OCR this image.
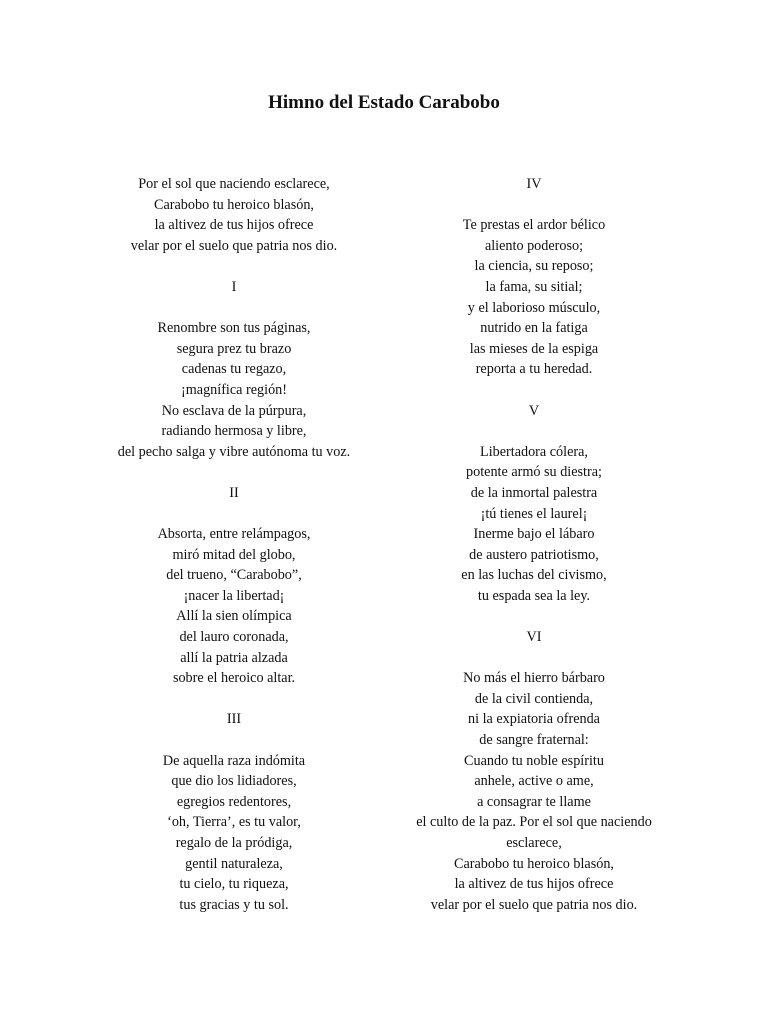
Himno del Estado Carabobo
Por el sol que naciendo esclarece,
Carabobo tu heroico blasón,
la altivez de tus hijos ofrece
velar por el suelo que patria nos dio.
I
Renombre son tus páginas,
segura prez tu brazo
cadenas tu regazo,
¡magnífica región!
No esclava de la púrpura,
radiando hermosa y libre,
del pecho salga y vibre autónoma tu voz.
II
Absorta, entre relámpagos,
miró mitad del globo,
del trueno, “Carabobo”,
¡nacer la libertad¡
Allí la sien olímpica
del lauro coronada,
allí la patria alzada
sobre el heroico altar.
III
De aquella raza indómita
que dio los lidiadores,
egregios redentores,
‘oh, Tierra’, es tu valor,
regalo de la pródiga,
gentil naturaleza,
tu cielo, tu riqueza,
tus gracias y tu sol.
IV
Te prestas el ardor bélico
aliento poderoso;
la ciencia, su reposo;
la fama, su sitial;
y el laborioso músculo,
nutrido en la fatiga
las mieses de la espiga
reporta a tu heredad.
V
Libertadora cólera,
potente armó su diestra;
de la inmortal palestra
¡tú tienes el laurel¡
Inerme bajo el lábaro
de austero patriotismo,
en las luchas del civismo,
tu espada sea la ley.
VI
No más el hierro bárbaro
de la civil contienda,
ni la expiatoria ofrenda
de sangre fraternal:
Cuando tu noble espíritu
anhele, active o ame,
a consagrar te llame
el culto de la paz. Por el sol que naciendo
esclarece,
Carabobo tu heroico blasón,
la altivez de tus hijos ofrece
velar por el suelo que patria nos dio.
